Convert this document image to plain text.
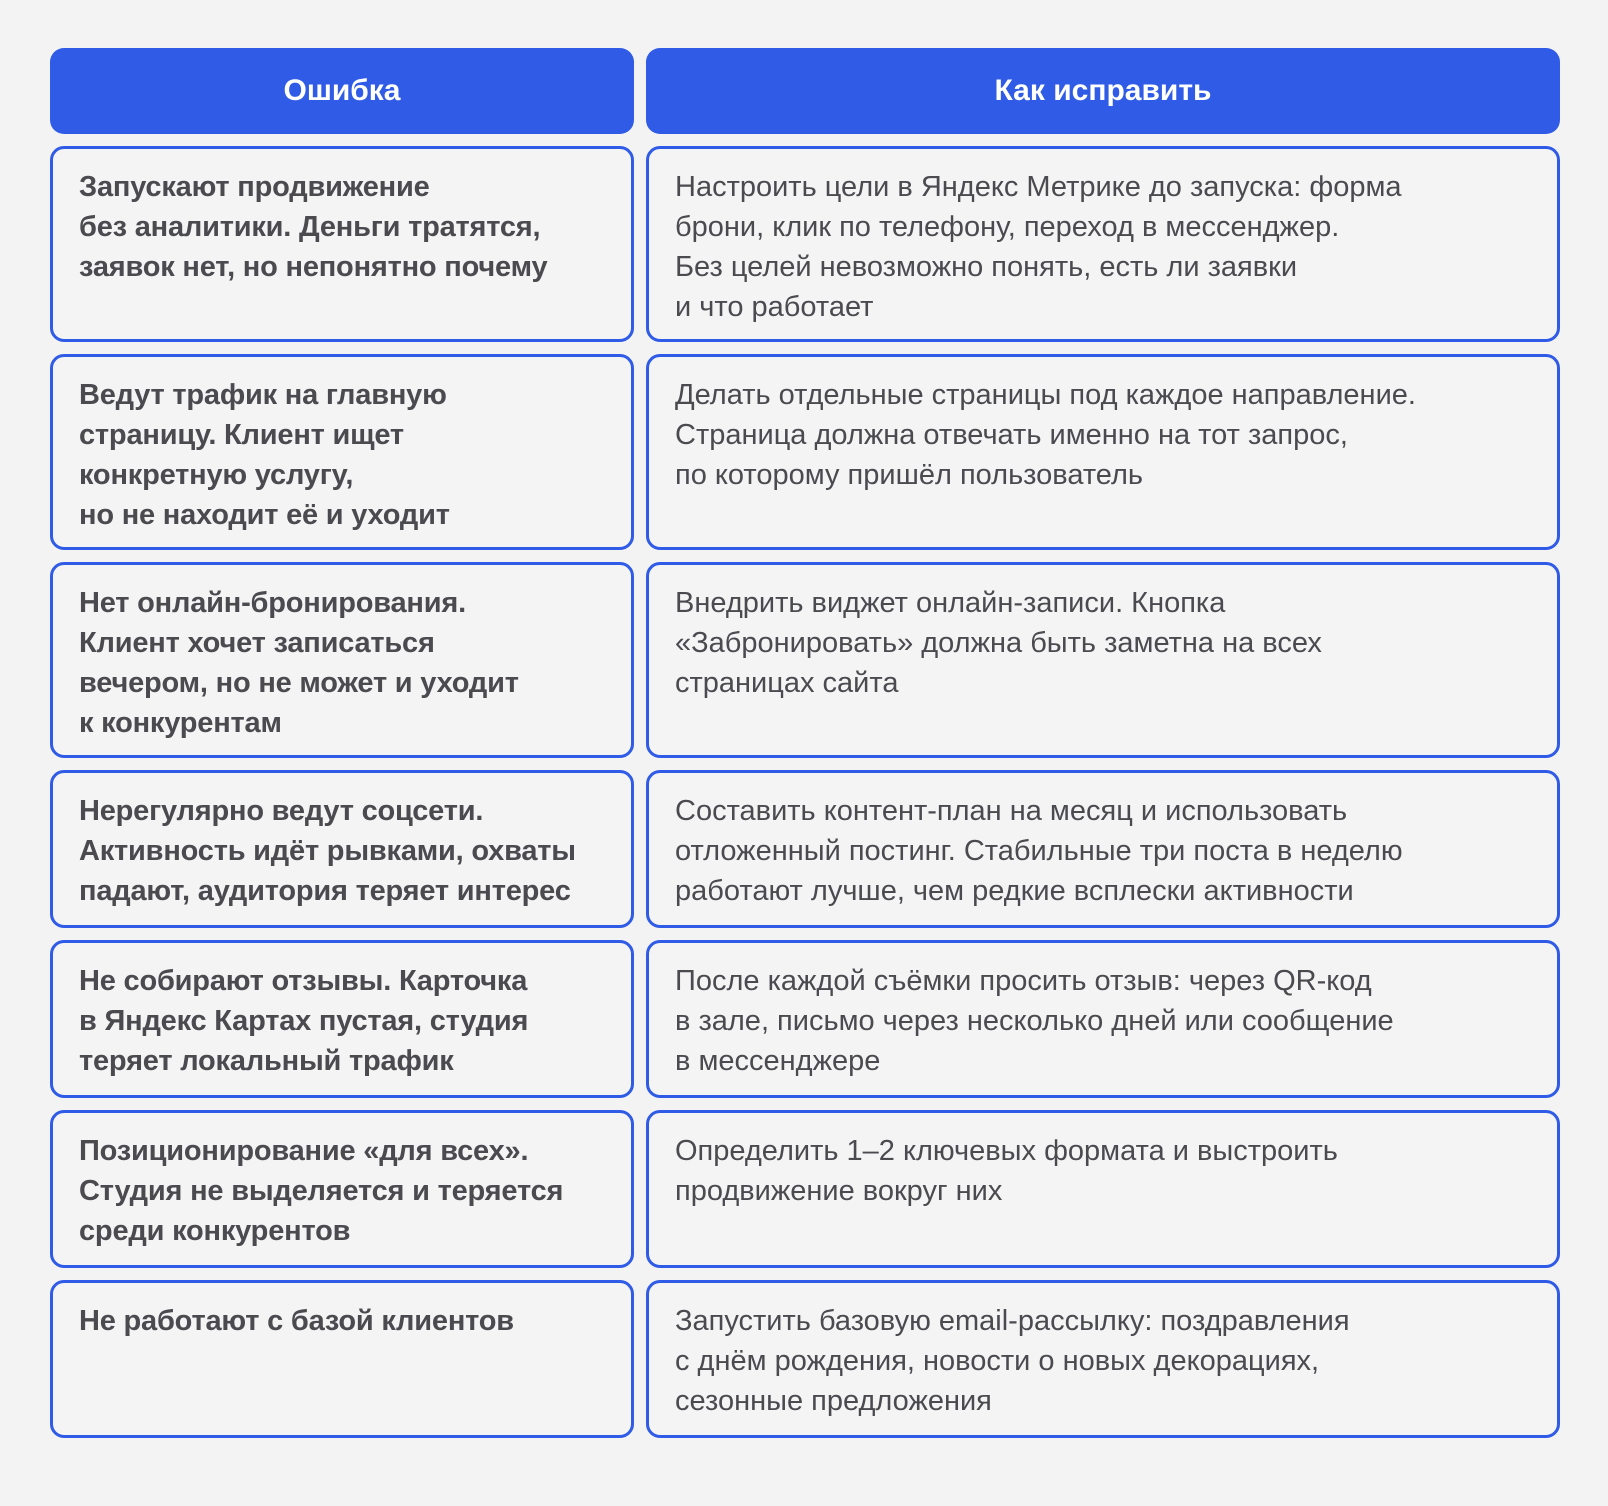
Ошибка	Как исправить
Запускают продвижение
без аналитики. Деньги тратятся,
заявок нет, но непонятно почему
Настроить цели в Яндекс Метрике до запуска: форма
брони, клик по телефону, переход в мессенджер.
Без целей невозможно понять, есть ли заявки
и что работает
Ведут трафик на главную
страницу. Клиент ищет
конкретную услугу,
но не находит её и уходит
Делать отдельные страницы под каждое направление.
Страница должна отвечать именно на тот запрос,
по которому пришёл пользователь
Нет онлайн-бронирования.
Клиент хочет записаться
вечером, но не может и уходит
к конкурентам
Внедрить виджет онлайн-записи. Кнопка
«Забронировать» должна быть заметна на всех
страницах сайта
Нерегулярно ведут соцсети.
Активность идёт рывками, охваты
падают, аудитория теряет интерес
Составить контент-план на месяц и использовать
отложенный постинг. Стабильные три поста в неделю
работают лучше, чем редкие всплески активности
Не собирают отзывы. Карточка
в Яндекс Картах пустая, студия
теряет локальный трафик
После каждой съёмки просить отзыв: через QR-код
в зале, письмо через несколько дней или сообщение
в мессенджере
Позиционирование «для всех».
Студия не выделяется и теряется
среди конкурентов
Определить 1–2 ключевых формата и выстроить
продвижение вокруг них
Не работают с базой клиентов	Запустить базовую email-рассылку: поздравления
с днём рождения, новости о новых декорациях,
сезонные предложения
